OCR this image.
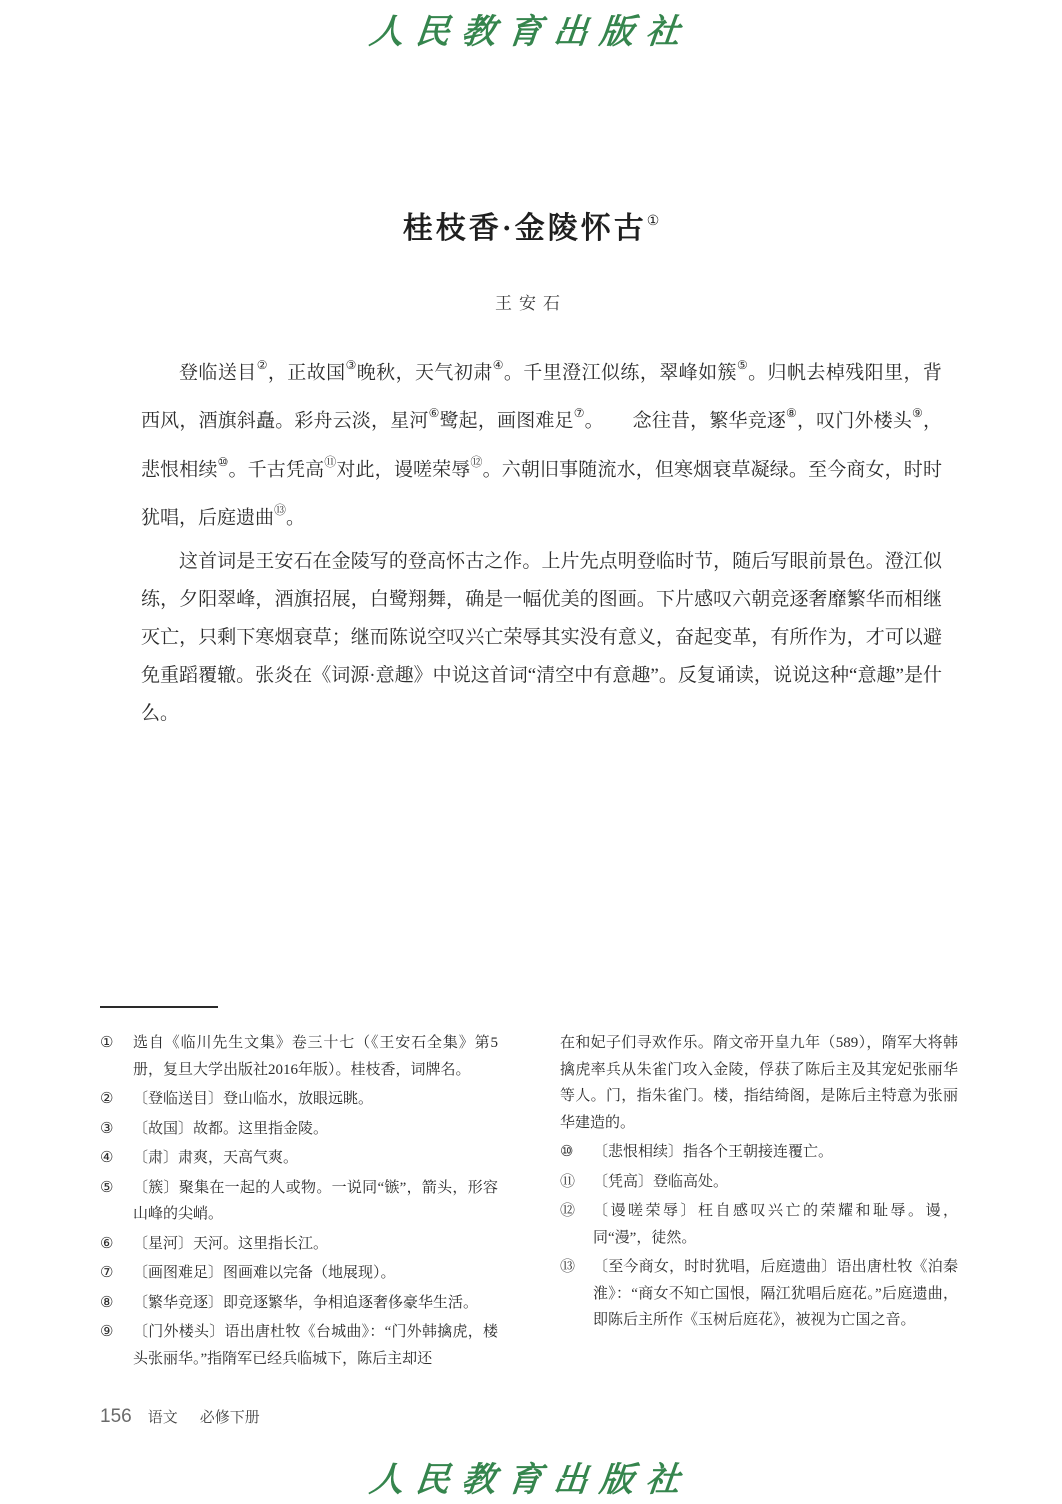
人民教育出版社
桂枝香·金陵怀古①
王安石

登临送目②，正故国③晚秋，天气初肃④。千里澄江似练，翠峰如簇⑤。归帆去棹残阳里，背西风，酒旗斜矗。彩舟云淡，星河⑥鹭起，画图难足⑦。　　念往昔，繁华竞逐⑧，叹门外楼头⑨，悲恨相续⑩。千古凭高⑪对此，谩嗟荣辱⑫。六朝旧事随流水，但寒烟衰草凝绿。至今商女，时时犹唱，后庭遗曲⑬。

这首词是王安石在金陵写的登高怀古之作。上片先点明登临时节，随后写眼前景色。澄江似练，夕阳翠峰，酒旗招展，白鹭翔舞，确是一幅优美的图画。下片感叹六朝竞逐奢靡繁华而相继灭亡，只剩下寒烟衰草；继而陈说空叹兴亡荣辱其实没有意义，奋起变革，有所作为，才可以避免重蹈覆辙。张炎在《词源·意趣》中说这首词“清空中有意趣”。反复诵读，说说这种“意趣”是什么。

① 选自《临川先生文集》卷三十七（《王安石全集》第5册，复旦大学出版社2016年版）。桂枝香，词牌名。
② 〔登临送目〕登山临水，放眼远眺。
③ 〔故国〕故都。这里指金陵。
④ 〔肃〕肃爽，天高气爽。
⑤ 〔簇〕聚集在一起的人或物。一说同“镞”，箭头，形容山峰的尖峭。
⑥ 〔星河〕天河。这里指长江。
⑦ 〔画图难足〕图画难以完备（地展现）。
⑧ 〔繁华竞逐〕即竞逐繁华，争相追逐奢侈豪华生活。
⑨ 〔门外楼头〕语出唐杜牧《台城曲》：“门外韩擒虎，楼头张丽华。”指隋军已经兵临城下，陈后主却还
在和妃子们寻欢作乐。隋文帝开皇九年（589），隋军大将韩擒虎率兵从朱雀门攻入金陵，俘获了陈后主及其宠妃张丽华等人。门，指朱雀门。楼，指结绮阁，是陈后主特意为张丽华建造的。
⑩ 〔悲恨相续〕指各个王朝接连覆亡。
⑪ 〔凭高〕登临高处。
⑫ 〔谩嗟荣辱〕枉自感叹兴亡的荣耀和耻辱。谩，同“漫”，徒然。
⑬ 〔至今商女，时时犹唱，后庭遗曲〕语出唐杜牧《泊秦淮》：“商女不知亡国恨，隔江犹唱后庭花。”后庭遗曲，即陈后主所作《玉树后庭花》，被视为亡国之音。
156 语文 必修下册
人民教育出版社
